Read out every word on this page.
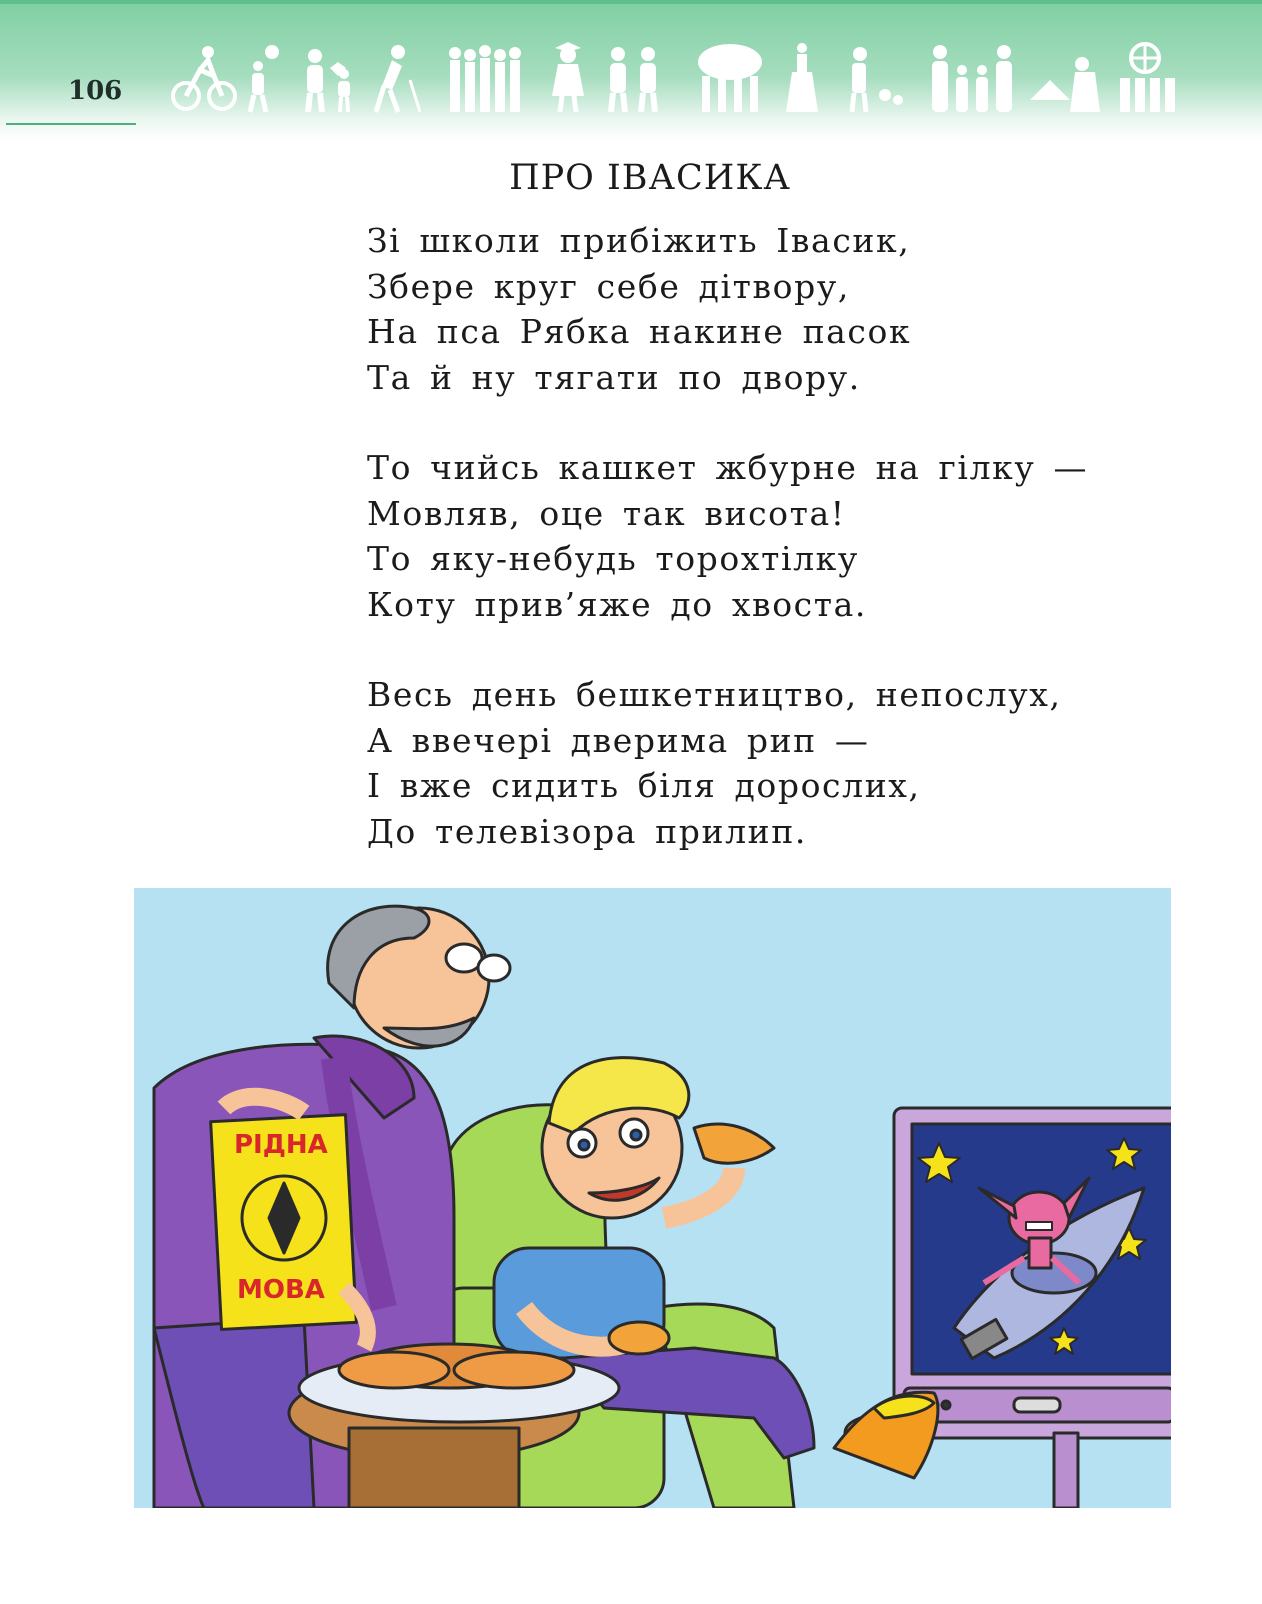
106
ПРО ІВАСИКА
Зі школи прибіжить Івасик,
Збере круг себе дітвору,
На пса Рябка накине пасок
Та й ну тягати по двору.
То чийсь кашкет жбурне на гілку —
Мовляв, оце так висота!
То яку-небудь торохтілку
Коту прив’яже до хвоста.
Весь день бешкетництво, непослух,
А ввечері дверима рип —
І вже сидить біля дорослих,
До телевізора прилип.
РІДНА
МОВА
